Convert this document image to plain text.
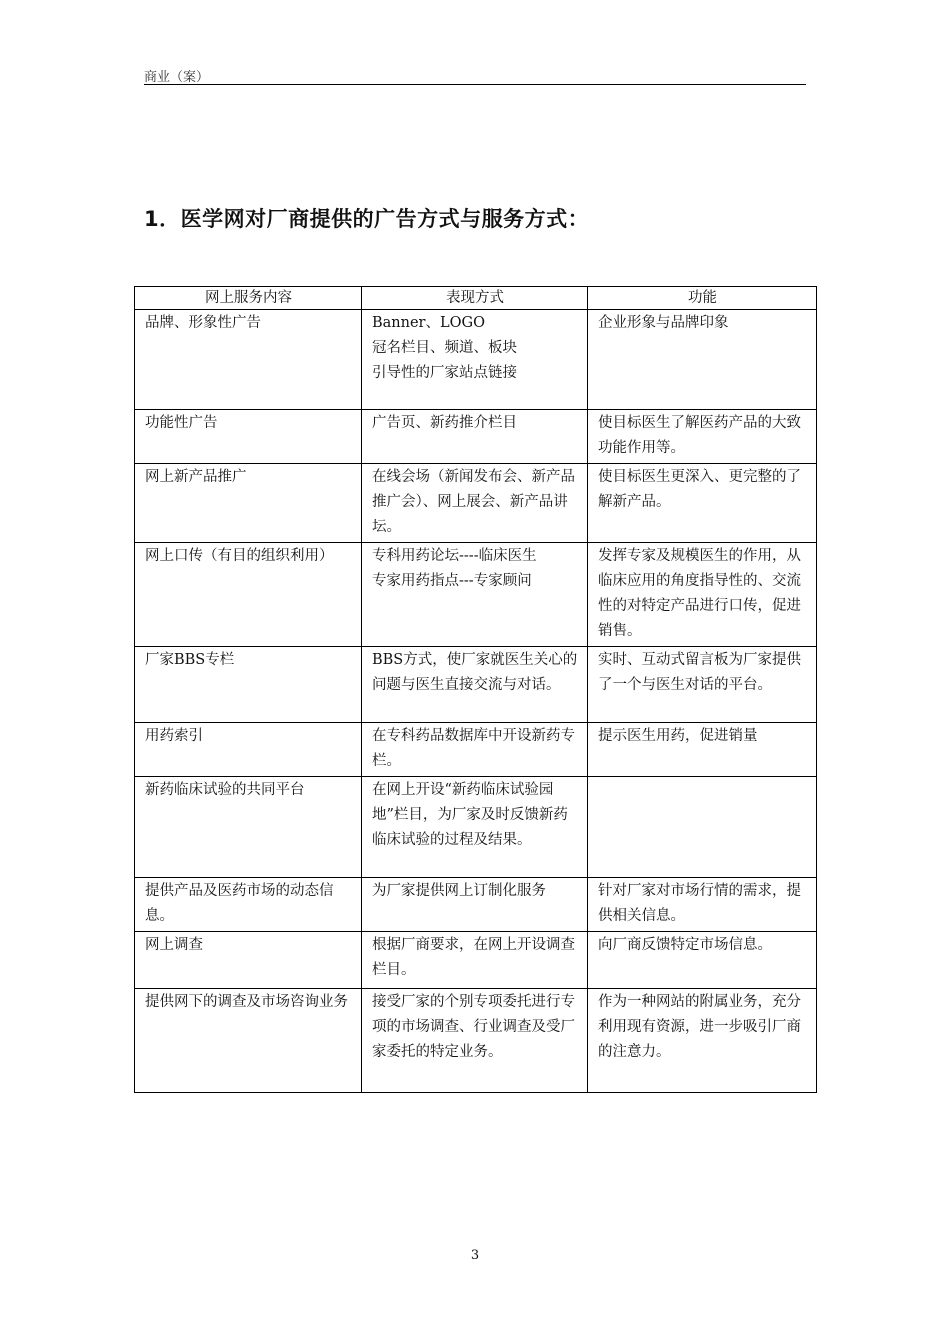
商业（案）
1．医学网对厂商提供的广告方式与服务方式：
网上服务内容	表现方式	功能
品牌、形象性广告	Banner、LOGO
冠名栏目、频道、板块
引导性的厂家站点链接	企业形象与品牌印象
功能性广告	广告页、新药推介栏目	使目标医生了解医药产品的大致功能作用等。
网上新产品推广	在线会场（新闻发布会、新产品推广会）、网上展会、新产品讲坛。	使目标医生更深入、更完整的了解新产品。
网上口传（有目的组织利用）	专科用药论坛----临床医生
专家用药指点---专家顾问	发挥专家及规模医生的作用，从临床应用的角度指导性的、交流性的对特定产品进行口传，促进销售。
厂家BBS专栏	BBS方式，使厂家就医生关心的问题与医生直接交流与对话。	实时、互动式留言板为厂家提供了一个与医生对话的平台。
用药索引	在专科药品数据库中开设新药专栏。	提示医生用药，促进销量
新药临床试验的共同平台	在网上开设“新药临床试验园地”栏目，为厂家及时反馈新药临床试验的过程及结果。	

提供产品及医药市场的动态信息。	为厂家提供网上订制化服务	针对厂家对市场行情的需求，提供相关信息。
网上调查	根据厂商要求，在网上开设调查栏目。	向厂商反馈特定市场信息。
提供网下的调查及市场咨询业务	接受厂家的个别专项委托进行专项的市场调查、行业调查及受厂家委托的特定业务。	作为一种网站的附属业务，充分利用现有资源，进一步吸引厂商的注意力。
3
